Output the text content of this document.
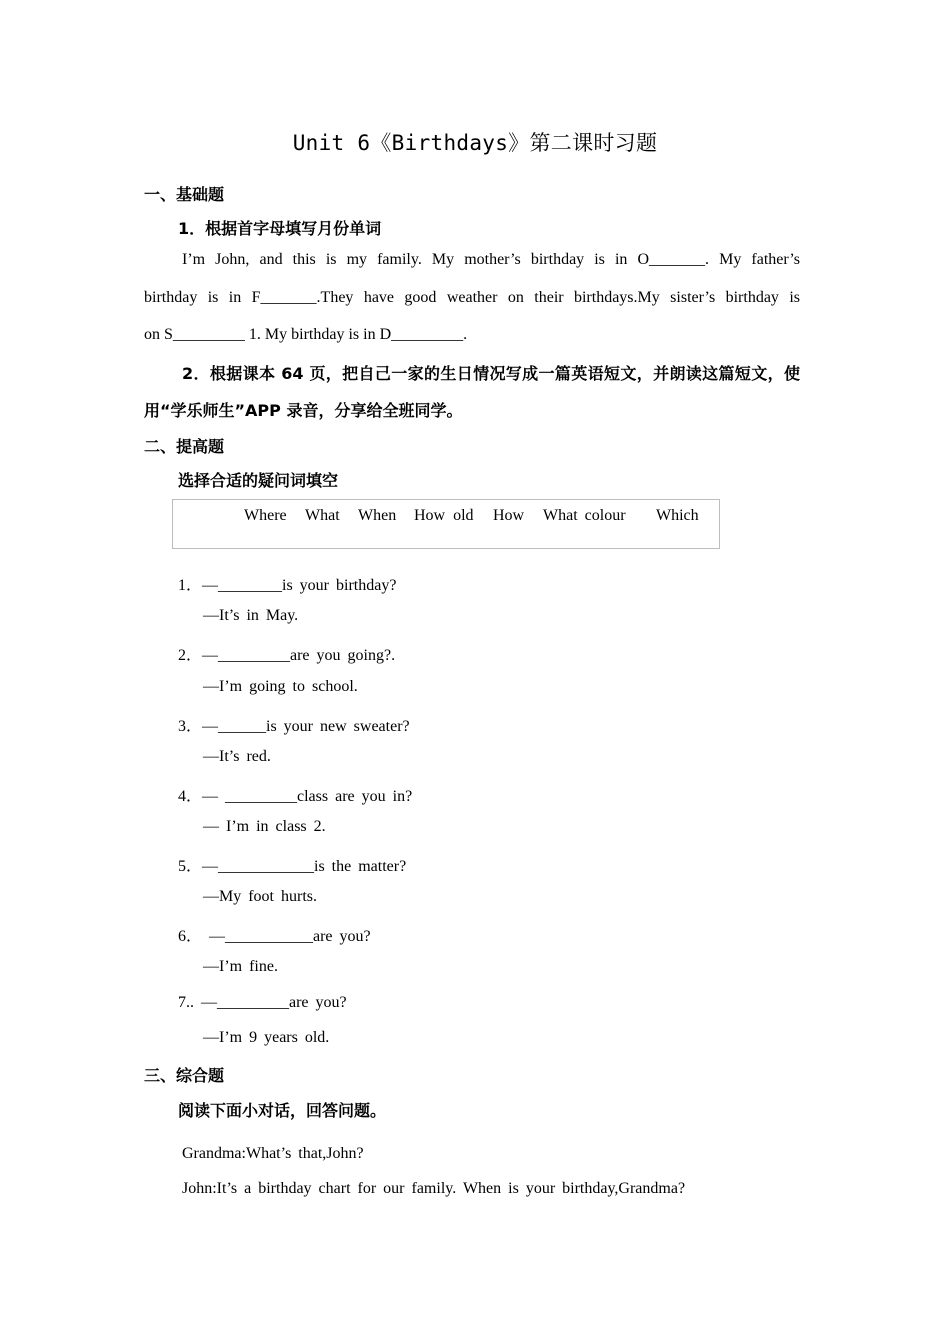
Unit 6《Birthdays》第二课时习题
一、基础题
1．根据首字母填写月份单词
I’m John, and this is my family. My mother’s birthday is in O_______. My father’s
birthday is in F_______.They have good weather on their birthdays.My sister’s birthday is
on S_________ 1. My birthday is in D_________.
2．根据课本 64 页，把自己一家的生日情况写成一篇英语短文，并朗读这篇短文，使
用“学乐师生”APP 录音，分享给全班同学。
二、提高题
选择合适的疑问词填空
Where What When How old How What colour Which
1．—________is your birthday?
—It’s in May.
2．—_________are you going?.
—I’m going to school.
3．—______is your new sweater?
—It’s red.
4．— _________class are you in?
— I’m in class 2.
5．—____________is the matter?
—My foot hurts.
6． —___________are you?
—I’m fine.
7.. —_________are you?
—I’m 9 years old.
三、综合题
阅读下面小对话，回答问题。
Grandma:What’s that,John?
John:It’s a birthday chart for our family. When is your birthday,Grandma?
